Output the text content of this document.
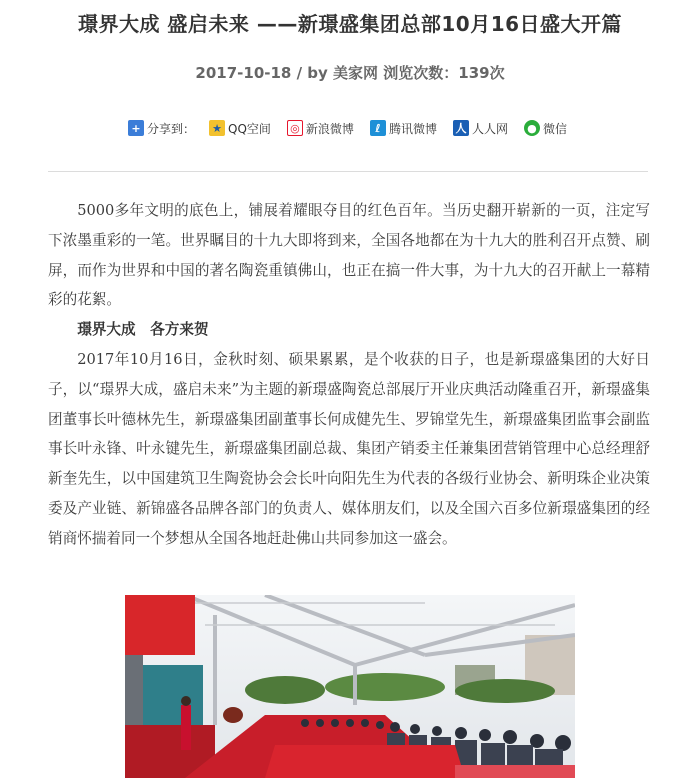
璟界大成 盛启未来 ——新璟盛集团总部10月16日盛大开篇
2017-10-18 / by 美家网 浏览次数：139次
+ 分享到： ★ QQ空间 ◎ 新浪微博	ℓ 腾讯微博 人 人人网 ● 微信

5000多年文明的底色上，铺展着耀眼夺目的红色百年。当历史翻开崭新的一页，注定写下浓墨重彩的一笔。世界瞩目的十九大即将到来，全国各地都在为十九大的胜利召开点赞、刷屏，而作为世界和中国的著名陶瓷重镇佛山，也正在搞一件大事，为十九大的召开献上一幕精彩的花絮。

璟界大成　各方来贺

2017年10月16日，金秋时刻、硕果累累，是个收获的日子，也是新璟盛集团的大好日子，以“璟界大成，盛启未来”为主题的新璟盛陶瓷总部展厅开业庆典活动隆重召开，新璟盛集团董事长叶德林先生，新璟盛集团副董事长何成健先生、罗锦堂先生，新璟盛集团监事会副监事长叶永锋、叶永键先生，新璟盛集团副总裁、集团产销委主任兼集团营销管理中心总经理舒新奎先生，以中国建筑卫生陶瓷协会会长叶向阳先生为代表的各级行业协会、新明珠企业决策委及产业链、新锦盛各品牌各部门的负责人、媒体朋友们，以及全国六百多位新璟盛集团的经销商怀揣着同一个梦想从全国各地赶赴佛山共同参加这一盛会。
